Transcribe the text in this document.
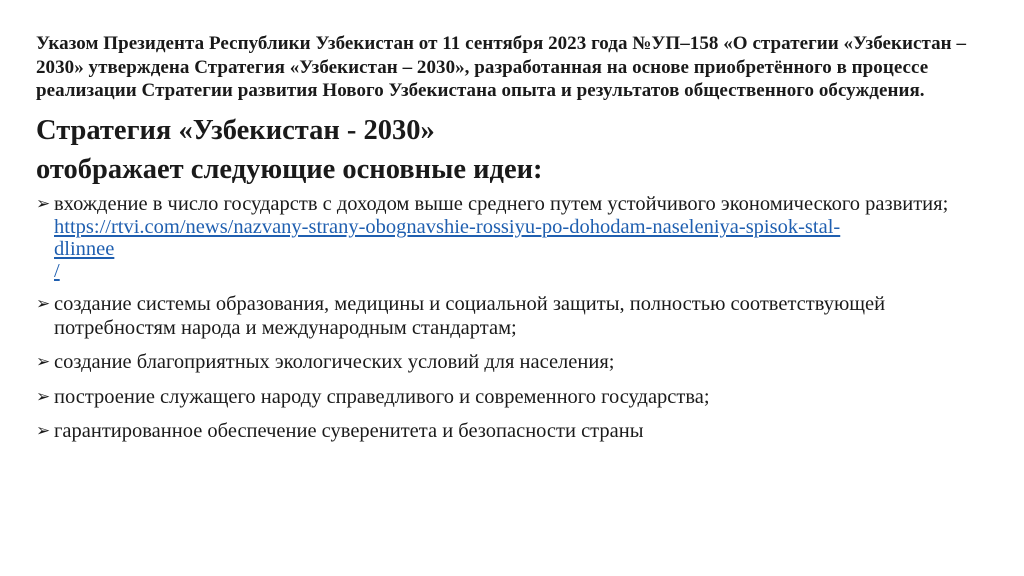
Указом Президента Республики Узбекистан от 11 сентября 2023 года №УП–158 «О стратегии «Узбекистан – 2030» утверждена Стратегия «Узбекистан – 2030», разработанная на основе приобретённого в процессе реализации Стратегии развития Нового Узбекистана опыта и результатов общественного обсуждения.

Стратегия «Узбекистан - 2030»
отображает следующие основные идеи:
➢ вхождение в число государств с доходом выше среднего путем устойчивого экономического развития;
https://rtvi.com/news/nazvany-strany-obognavshie-rossiyu-po-dohodam-naseleniya-spisok-stal-
dlinnee
/
➢ создание системы образования, медицины и социальной защиты, полностью соответствующей потребностям народа и международным стандартам;
➢ создание благоприятных экологических условий для населения;
➢ построение служащего народу справедливого и современного государства;
➢ гарантированное обеспечение суверенитета и безопасности страны
